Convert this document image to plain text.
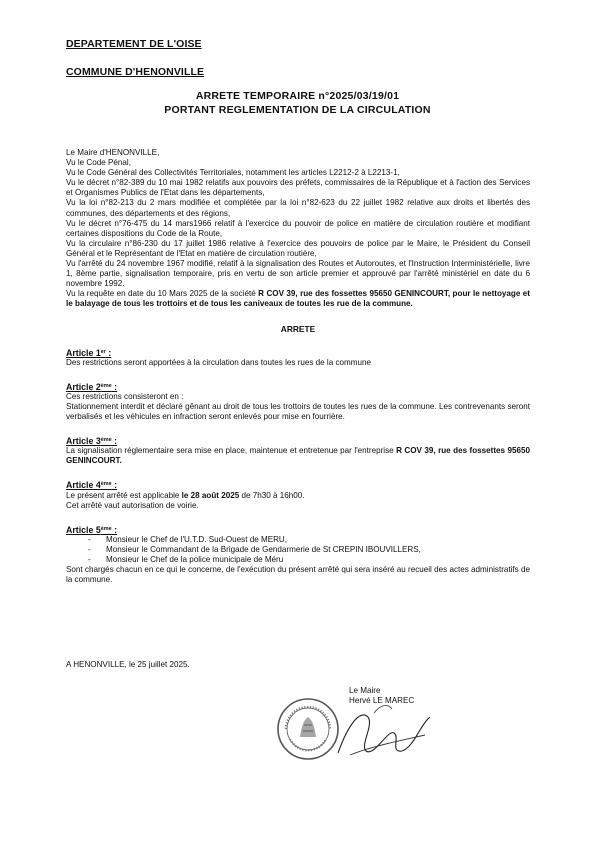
DEPARTEMENT DE L'OISE
COMMUNE D'HENONVILLE
ARRETE TEMPORAIRE n°2025/03/19/01
PORTANT REGLEMENTATION DE LA CIRCULATION

Le Maire d'HENONVILLE,

Vu le Code Pénal,

Vu le Code Général des Collectivités Territoriales, notamment les articles L2212-2 à L2213-1,

Vu le décret n°82-389 du 10 mai 1982 relatifs aux pouvoirs des préfets, commissaires de la République et à l'action des Services et Organismes Publics de l'Etat dans les départements,

Vu la loi n°82-213 du 2 mars modifiée et complétée par la loi n°82-623 du 22 juillet 1982 relative aux droits et libertés des communes, des départements et des régions,

Vu le décret n°76-475 du 14 mars1966 relatif à l'exercice du pouvoir de police en matière de circulation routière et modifiant certaines dispositions du Code de la Route,

Vu la circulaire n°86-230 du 17 juillet 1986 relative à l'exercice des pouvoirs de police par le Maire, le Président du Conseil Général et le Représentant de l'Etat en matière de circulation routière,

Vu l'arrêté du 24 novembre 1967 modifié, relatif à la signalisation des Routes et Autoroutes, et l'Instruction Interministérielle, livre 1, 8ème partie, signalisation temporaire, pris en vertu de son article premier et approuvé par l'arrêté ministériel en date du 6 novembre 1992.

Vu la requête en date du 10 Mars 2025 de la société R COV 39, rue des fossettes 95650 GENINCOURT, pour le nettoyage et le balayage de tous les trottoirs et de tous les caniveaux de toutes les rue de la commune.

ARRETE
Article 1er :

Des restrictions seront apportées à la circulation dans toutes les rues de la commune

Article 2ème :

Ces restrictions consisteront en :

Stationnement interdit et déclaré gênant au droit de tous les trottoirs de toutes les rues de la commune. Les contrevenants seront verbalisés et les véhicules en infraction seront enlevés pour mise en fourrière.

Article 3ème :

La signalisation réglementaire sera mise en place, maintenue et entretenue par l'entreprise R COV 39, rue des fossettes 95650 GENINCOURT.

Article 4ème :

Le présent arrêté est applicable le 28 août 2025 de 7h30 à 16h00.

Cet arrêté vaut autorisation de voirie.

Article 5ème :
- Monsieur le Chef de l'U.T.D. Sud-Ouest de MERU,
- Monsieur le Commandant de la Brigade de Gendarmerie de St CREPIN IBOUVILLERS,
- Monsieur le Chef de la police municipale de Méru

Sont chargés chacun en ce qui le concerne, de l'exécution du présent arrêté qui sera inséré au recueil des actes administratifs de la commune.

A HENONVILLE, le 25 juillet 2025.
Le Maire
Hervé LE MAREC
